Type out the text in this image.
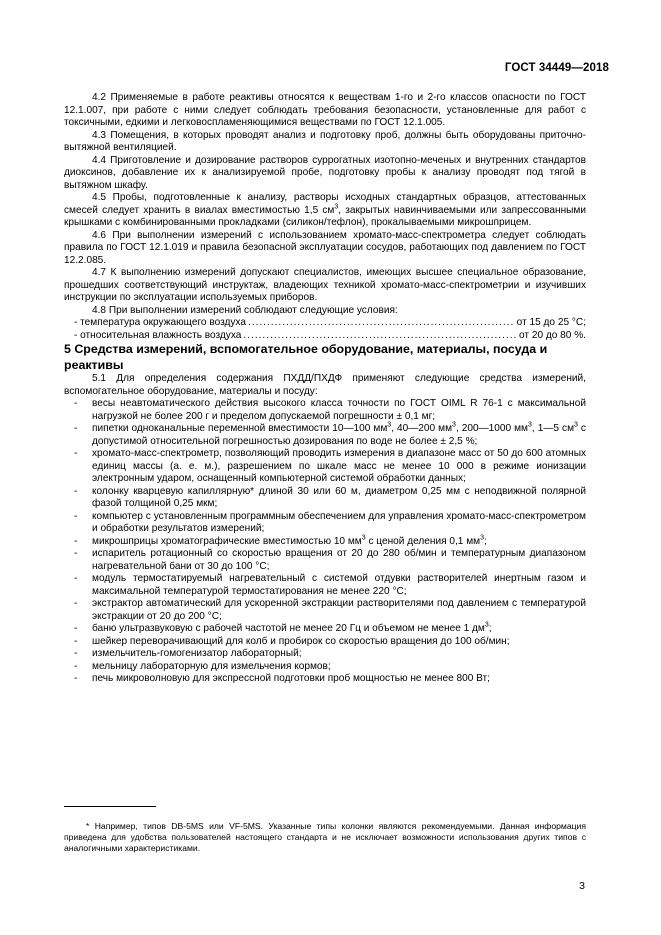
ГОСТ 34449—2018

4.2 Применяемые в работе реактивы относятся к веществам 1-го и 2-го классов опасности по ГОСТ 12.1.007, при работе с ними следует соблюдать требования безопасности, установленные для работ с токсичными, едкими и легковоспламеняющимися веществами по ГОСТ 12.1.005.

4.3 Помещения, в которых проводят анализ и подготовку проб, должны быть оборудованы приточно-вытяжной вентиляцией.

4.4 Приготовление и дозирование растворов суррогатных изотопно-меченых и внутренних стандартов диоксинов, добавление их к анализируемой пробе, подготовку пробы к анализу проводят под тягой в вытяжном шкафу.

4.5 Пробы, подготовленные к анализу, растворы исходных стандартных образцов, аттестованных смесей следует хранить в виалах вместимостью 1,5 $см^3$, закрытых навинчиваемыми или запрессованными крышками с комбинированными прокладками (силикон/тефлон), прокалываемыми микрошприцем.

4.6 При выполнении измерений с использованием хромато-масс-спектрометра следует соблюдать правила по ГОСТ 12.1.019 и правила безопасной эксплуатации сосудов, работающих под давлением по ГОСТ 12.2.085.

4.7 К выполнению измерений допускают специалистов, имеющих высшее специальное образование, прошедших соответствующий инструктаж, владеющих техникой хромато-масс-спектрометрии и изучивших инструкции по эксплуатации используемых приборов.

4.8 При выполнении измерений соблюдают следующие условия:

- температура окружающего воздуха .....	от 15 до 25 °С;
- относительная влажность воздуха .....	от 20 до 80 %.

5 Средства измерений, вспомогательное оборудование, материалы, посуда и реактивы

5.1 Для определения содержания ПХДД/ПХДФ применяют следующие средства измерений, вспомогательное оборудование, материалы и посуду:

- весы неавтоматического действия высокого класса точности по ГОСТ OIML R 76-1 с максимальной нагрузкой не более 200 г и пределом допускаемой погрешности ± 0,1 мг;

- пипетки одноканальные переменной вместимости 10—100 $мм^3$, 40—200 $мм^3$, 200—1000 $мм^3$, 1—5 $см^3$ с допустимой относительной погрешностью дозирования по воде не более ± 2,5 %;

- хромато-масс-спектрометр, позволяющий проводить измерения в диапазоне масс от 50 до 600 атомных единиц массы (а. е. м.), разрешением по шкале масс не менее 10 000 в режиме ионизации электронным ударом, оснащенный компьютерной системой обработки данных;

- колонку кварцевую капиллярную* длиной 30 или 60 м, диаметром 0,25 мм с неподвижной полярной фазой толщиной 0,25 мкм;

- компьютер с установленным программным обеспечением для управления хромато-масс-спектрометром и обработки результатов измерений;

- микрошприцы хроматографические вместимостью 10 $мм^3$ с ценой деления 0,1 $мм^3$;

- испаритель ротационный со скоростью вращения от 20 до 280 об/мин и температурным диапазоном нагревательной бани от 30 до 100 °С;

- модуль термостатируемый нагревательный с системой отдувки растворителей инертным газом и максимальной температурой термостатирования не менее 220 °С;

- экстрактор автоматический для ускоренной экстракции растворителями под давлением с температурой экстракции от 20 до 200 °С;

- баню ультразвуковую с рабочей частотой не менее 20 Гц и объемом не менее 1 $дм^3$;

- шейкер переворачивающий для колб и пробирок со скоростью вращения до 100 об/мин;

- измельчитель-гомогенизатор лабораторный;

- мельницу лабораторную для измельчения кормов;

- печь микроволновую для экспрессной подготовки проб мощностью не менее 800 Вт;

* Например, типов DB-5MS или VF-5MS. Указанные типы колонки являются рекомендуемыми. Данная информация приведена для удобства пользователей настоящего стандарта и не исключает возможности использования других типов с аналогичными характеристиками.

3
